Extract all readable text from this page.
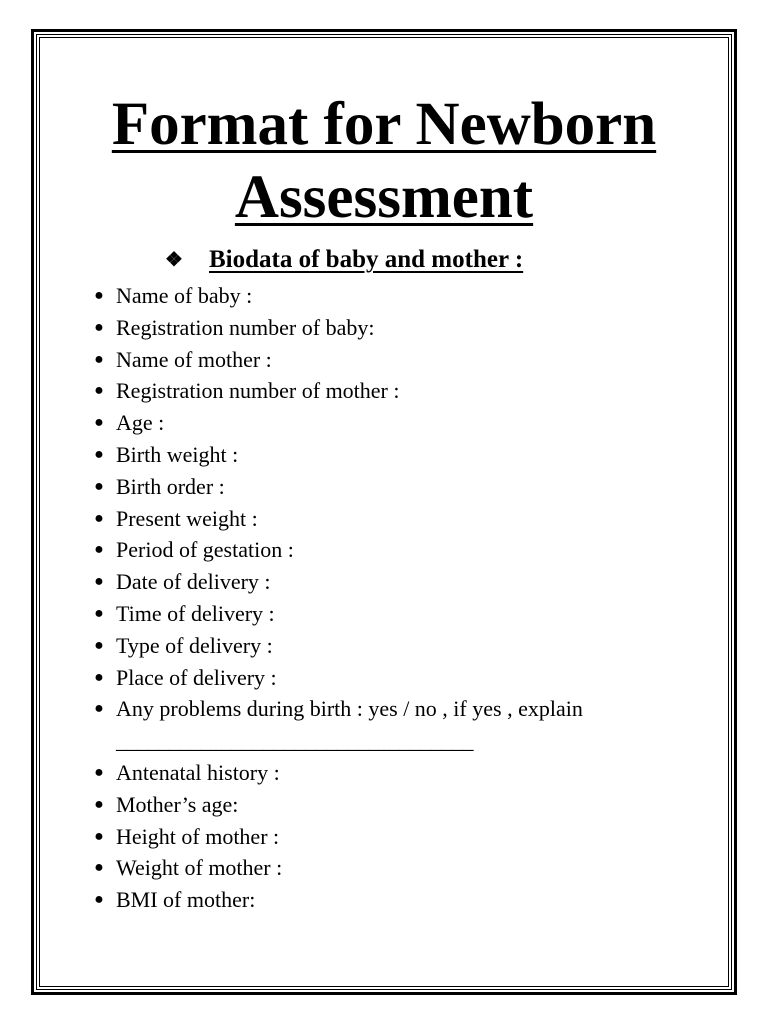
Format for Newborn
Assessment
❖ Biodata of baby and mother :
● Name of baby :
● Registration number of baby:
● Name of mother :
● Registration number of mother :
● Age :
● Birth weight :
● Birth order :
● Present weight :
● Period of gestation :
● Date of delivery :
● Time of delivery :
● Type of delivery :
● Place of delivery :
● Any problems during birth : yes / no , if yes , explain
__________________________________
● Antenatal history :
● Mother’s age:
● Height of mother :
● Weight of mother :
● BMI of mother:
